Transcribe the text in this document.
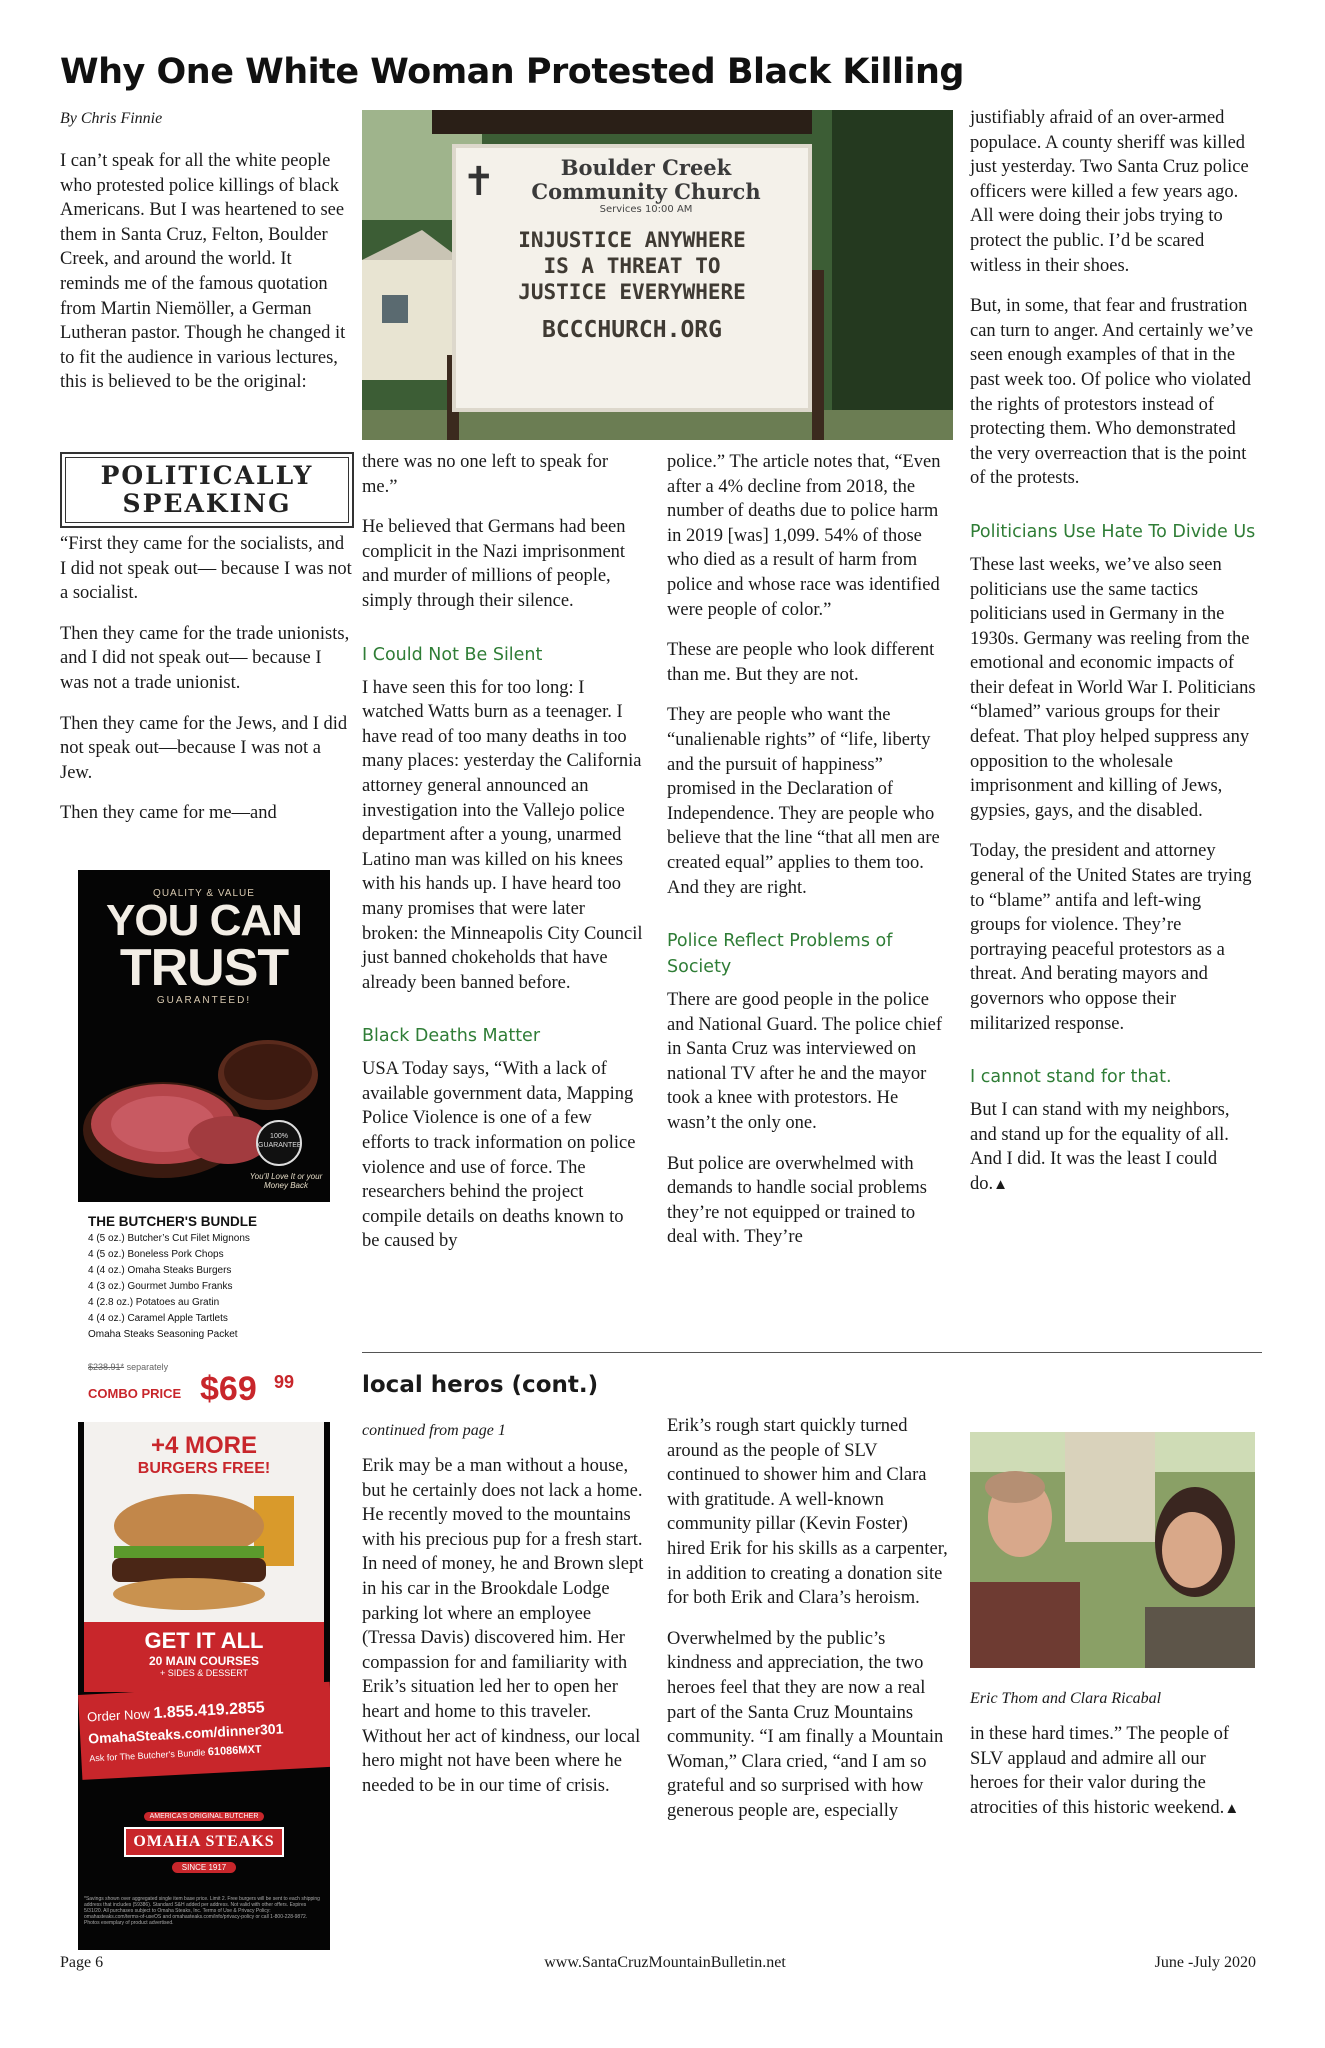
Why One White Woman Protested Black Killing
By Chris Finnie

I can’t speak for all the white people who protested police killings of black Americans. But I was heartened to see them in Santa Cruz, Felton, Boulder Creek, and around the world. It reminds me of the famous quotation from Martin Niemöller, a German Lutheran pastor. Though he changed it to fit the audience in various lectures, this is believed to be the original:

POLITICALLY
SPEAKING

“First they came for the socialists, and I did not speak out— because I was not a socialist.

Then they came for the trade unionists, and I did not speak out— because I was not a trade unionist.

Then they came for the Jews, and I did not speak out—because I was not a Jew.

Then they came for me—and

QUALITY & VALUE
YOU CAN
TRUST
GUARANTEED!
100% GUARANTEE
You’ll Love It or your Money Back
THE BUTCHER'S BUNDLE
4 (5 oz.) Butcher’s Cut Filet Mignons
4 (5 oz.) Boneless Pork Chops
4 (4 oz.) Omaha Steaks Burgers
4 (3 oz.) Gourmet Jumbo Franks
4 (2.8 oz.) Potatoes au Gratin
4 (4 oz.) Caramel Apple Tartlets
Omaha Steaks Seasoning Packet
$238.91* separately
COMBO PRICE $69 99
+4 MORE
BURGERS FREE!
GET IT ALL
20 MAIN COURSES
+ SIDES & DESSERT
Order Now 1.855.419.2855
OmahaSteaks.com/dinner301
Ask for The Butcher's Bundle 61086MXT
AMERICA'S ORIGINAL BUTCHER
OMAHA STEAKS
SINCE 1917
*Savings shown over aggregated single item base price. Limit 2. Free burgers will be sent to each shipping address that includes (59386). Standard S&H added per address. Not valid with other offers. Expires 5/31/20. All purchases subject to Omaha Steaks, Inc. Terms of Use & Privacy Policy: omahasteaks.com/terms-of-useOS and omahasteaks.com/info/privacy-policy or call 1-800-228-9872. Photos exemplary of product advertised.
✝	Boulder Creek Community Church
Services 10:00 AM
INJUSTICE ANYWHERE
IS A THREAT TO
JUSTICE EVERYWHERE
BCCCHURCH.ORG

there was no one left to speak for me.”

He believed that Germans had been complicit in the Nazi imprisonment and murder of millions of people, simply through their silence.

I Could Not Be Silent

I have seen this for too long: I watched Watts burn as a teenager. I have read of too many deaths in too many places: yesterday the California attorney general announced an investigation into the Vallejo police department after a young, unarmed Latino man was killed on his knees with his hands up. I have heard too many promises that were later broken: the Minneapolis City Council just banned chokeholds that have already been banned before.

Black Deaths Matter

USA Today says, “With a lack of available government data, Mapping Police Violence is one of a few efforts to track information on police violence and use of force. The researchers behind the project compile details on deaths known to be caused by

police.” The article notes that, “Even after a 4% decline from 2018, the number of deaths due to police harm in 2019 [was] 1,099. 54% of those who died as a result of harm from police and whose race was identified were people of color.”

These are people who look different than me. But they are not.

They are people who want the “unalienable rights” of “life, liberty and the pursuit of happiness” promised in the Declaration of Independence. They are people who believe that the line “that all men are created equal” applies to them too. And they are right.

Police Reflect Problems of Society

There are good people in the police and National Guard. The police chief in Santa Cruz was interviewed on national TV after he and the mayor took a knee with protestors. He wasn’t the only one.

But police are overwhelmed with demands to handle social problems they’re not equipped or trained to deal with. They’re

justifiably afraid of an over-armed populace. A county sheriff was killed just yesterday. Two Santa Cruz police officers were killed a few years ago. All were doing their jobs trying to protect the public. I’d be scared witless in their shoes.

But, in some, that fear and frustration can turn to anger. And certainly we’ve seen enough examples of that in the past week too. Of police who violated the rights of protestors instead of protecting them. Who demonstrated the very overreaction that is the point of the protests.

Politicians Use Hate To Divide Us

These last weeks, we’ve also seen politicians use the same tactics politicians used in Germany in the 1930s. Germany was reeling from the emotional and economic impacts of their defeat in World War I. Politicians “blamed” various groups for their defeat. That ploy helped suppress any opposition to the wholesale imprisonment and killing of Jews, gypsies, gays, and the disabled.

Today, the president and attorney general of the United States are trying to “blame” antifa and left-wing groups for violence. They’re portraying peaceful protestors as a threat. And berating mayors and governors who oppose their militarized response.

I cannot stand for that.

But I can stand with my neighbors, and stand up for the equality of all. And I did. It was the least I could do.▲

local heros (cont.)
continued from page 1

Erik may be a man without a house, but he certainly does not lack a home. He recently moved to the mountains with his precious pup for a fresh start. In need of money, he and Brown slept in his car in the Brookdale Lodge parking lot where an employee (Tressa Davis) discovered him. Her compassion for and familiarity with Erik’s situation led her to open her heart and home to this traveler. Without her act of kindness, our local hero might not have been where he needed to be in our time of crisis.

Erik’s rough start quickly turned around as the people of SLV continued to shower him and Clara with gratitude. A well-known community pillar (Kevin Foster) hired Erik for his skills as a carpenter, in addition to creating a donation site for both Erik and Clara’s heroism.

Overwhelmed by the public’s kindness and appreciation, the two heroes feel that they are now a real part of the Santa Cruz Mountains community. “I am finally a Mountain Woman,” Clara cried, “and I am so grateful and so surprised with how generous people are, especially

Eric Thom and Clara Ricabal

in these hard times.” The people of SLV applaud and admire all our heroes for their valor during the atrocities of this historic weekend.▲

Page 6	www.SantaCruzMountainBulletin.net	June -July 2020
